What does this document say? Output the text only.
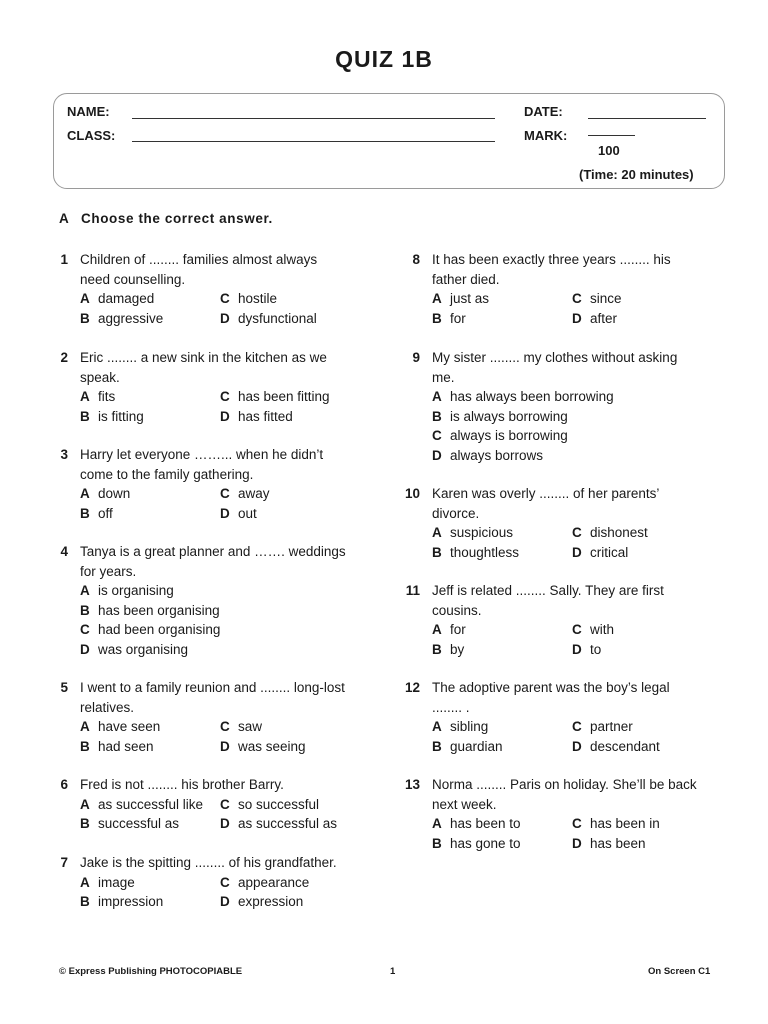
QUIZ 1B
NAME:
CLASS:
DATE:
MARK:
100
(Time: 20 minutes)
A Choose the correct answer.
1 Children of ........ families almost always need counselling.
A damaged	C hostile
B aggressive	D dysfunctional
2 Eric ........ a new sink in the kitchen as we speak.
A fits	C has been fitting
B is fitting	D has fitted
3 Harry let everyone ……... when he didn’t come to the family gathering.
A down	C away
B off	D out
4 Tanya is a great planner and ……. weddings for years.
A is organising
B has been organising
C had been organising
D was organising
5 I went to a family reunion and ........ long-lost relatives.
A have seen	C saw
B had seen	D was seeing
6 Fred is not ........ his brother Barry.
A as successful like C so successful
B successful as	D as successful as
7 Jake is the spitting ........ of his grandfather.
A image	C appearance
B impression	D expression
8 It has been exactly three years ........ his father died.
A just as	C since
B for	D after
9 My sister ........ my clothes without asking me.
A has always been borrowing
B is always borrowing
C always is borrowing
D always borrows
10 Karen was overly ........ of her parents’ divorce.
A suspicious	C dishonest
B thoughtless	D critical
11 Jeff is related ........ Sally. They are first cousins.
A for	C with
B by	D to
12 The adoptive parent was the boy’s legal ........ .
A sibling	C partner
B guardian	D descendant
13 Norma ........ Paris on holiday. She’ll be back next week.
A has been to	C has been in
B has gone to	D has been
© Express Publishing PHOTOCOPIABLE	1	On Screen C1
